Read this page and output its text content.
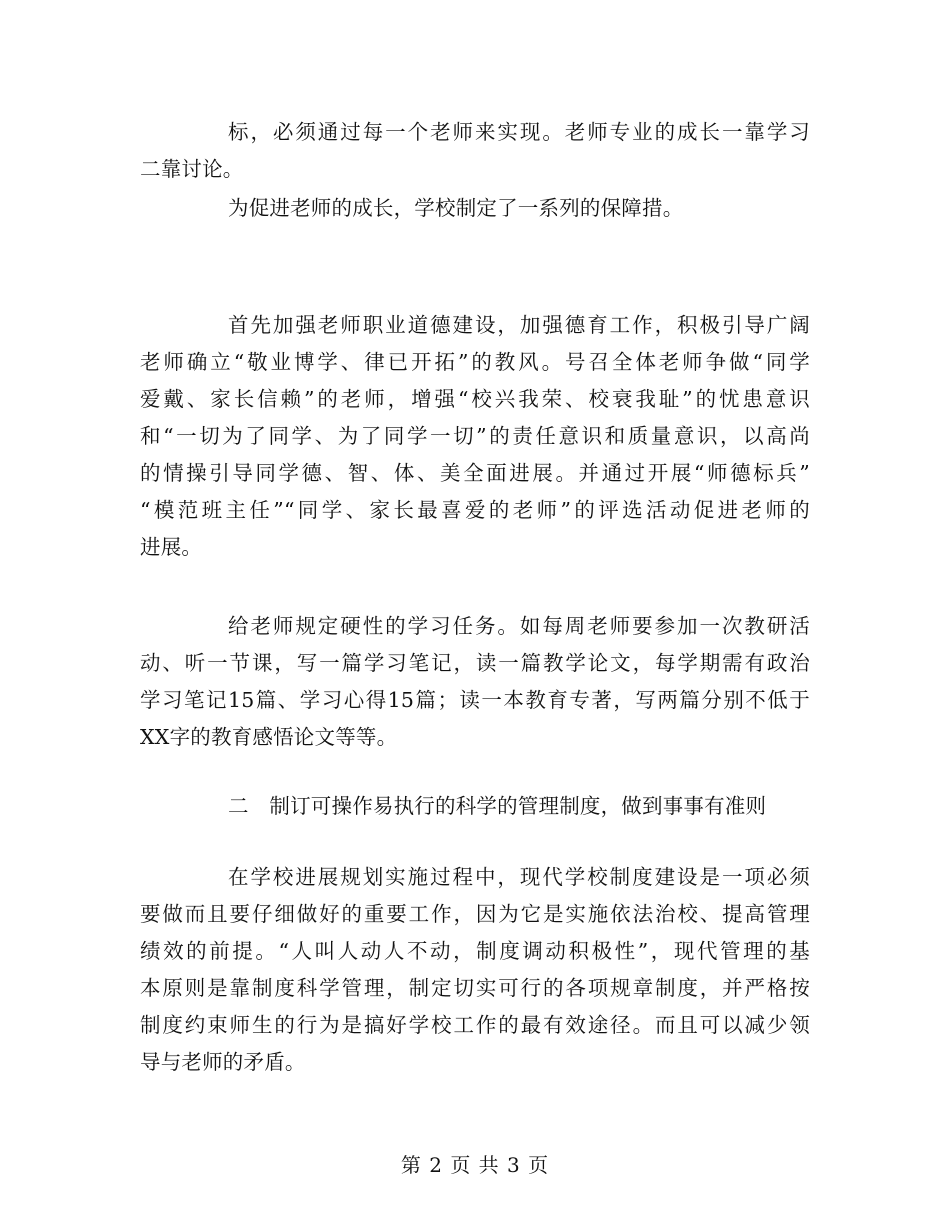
标，必须通过每一个老师来实现。老师专业的成长一靠学习
二靠讨论。
为促进老师的成长，学校制定了一系列的保障措。
首先加强老师职业道德建设，加强德育工作，积极引导广阔
老师确立“敬业博学、律已开拓”的教风。号召全体老师争做“同学
爱戴、家长信赖”的老师，增强“校兴我荣、校衰我耻”的忧患意识
和“一切为了同学、为了同学一切”的责任意识和质量意识，以高尚
的情操引导同学德、智、体、美全面进展。并通过开展“师德标兵”
“模范班主任”“同学、家长最喜爱的老师”的评选活动促进老师的
进展。
给老师规定硬性的学习任务。如每周老师要参加一次教研活
动、听一节课，写一篇学习笔记，读一篇教学论文，每学期需有政治
学习笔记15篇、学习心得15篇；读一本教育专著，写两篇分别不低于
XX字的教育感悟论文等等。
二　制订可操作易执行的科学的管理制度，做到事事有准则
在学校进展规划实施过程中，现代学校制度建设是一项必须
要做而且要仔细做好的重要工作，因为它是实施依法治校、提高管理
绩效的前提。“人叫人动人不动，制度调动积极性”，现代管理的基
本原则是靠制度科学管理，制定切实可行的各项规章制度，并严格按
制度约束师生的行为是搞好学校工作的最有效途径。而且可以减少领
导与老师的矛盾。
第 2 页 共 3 页
